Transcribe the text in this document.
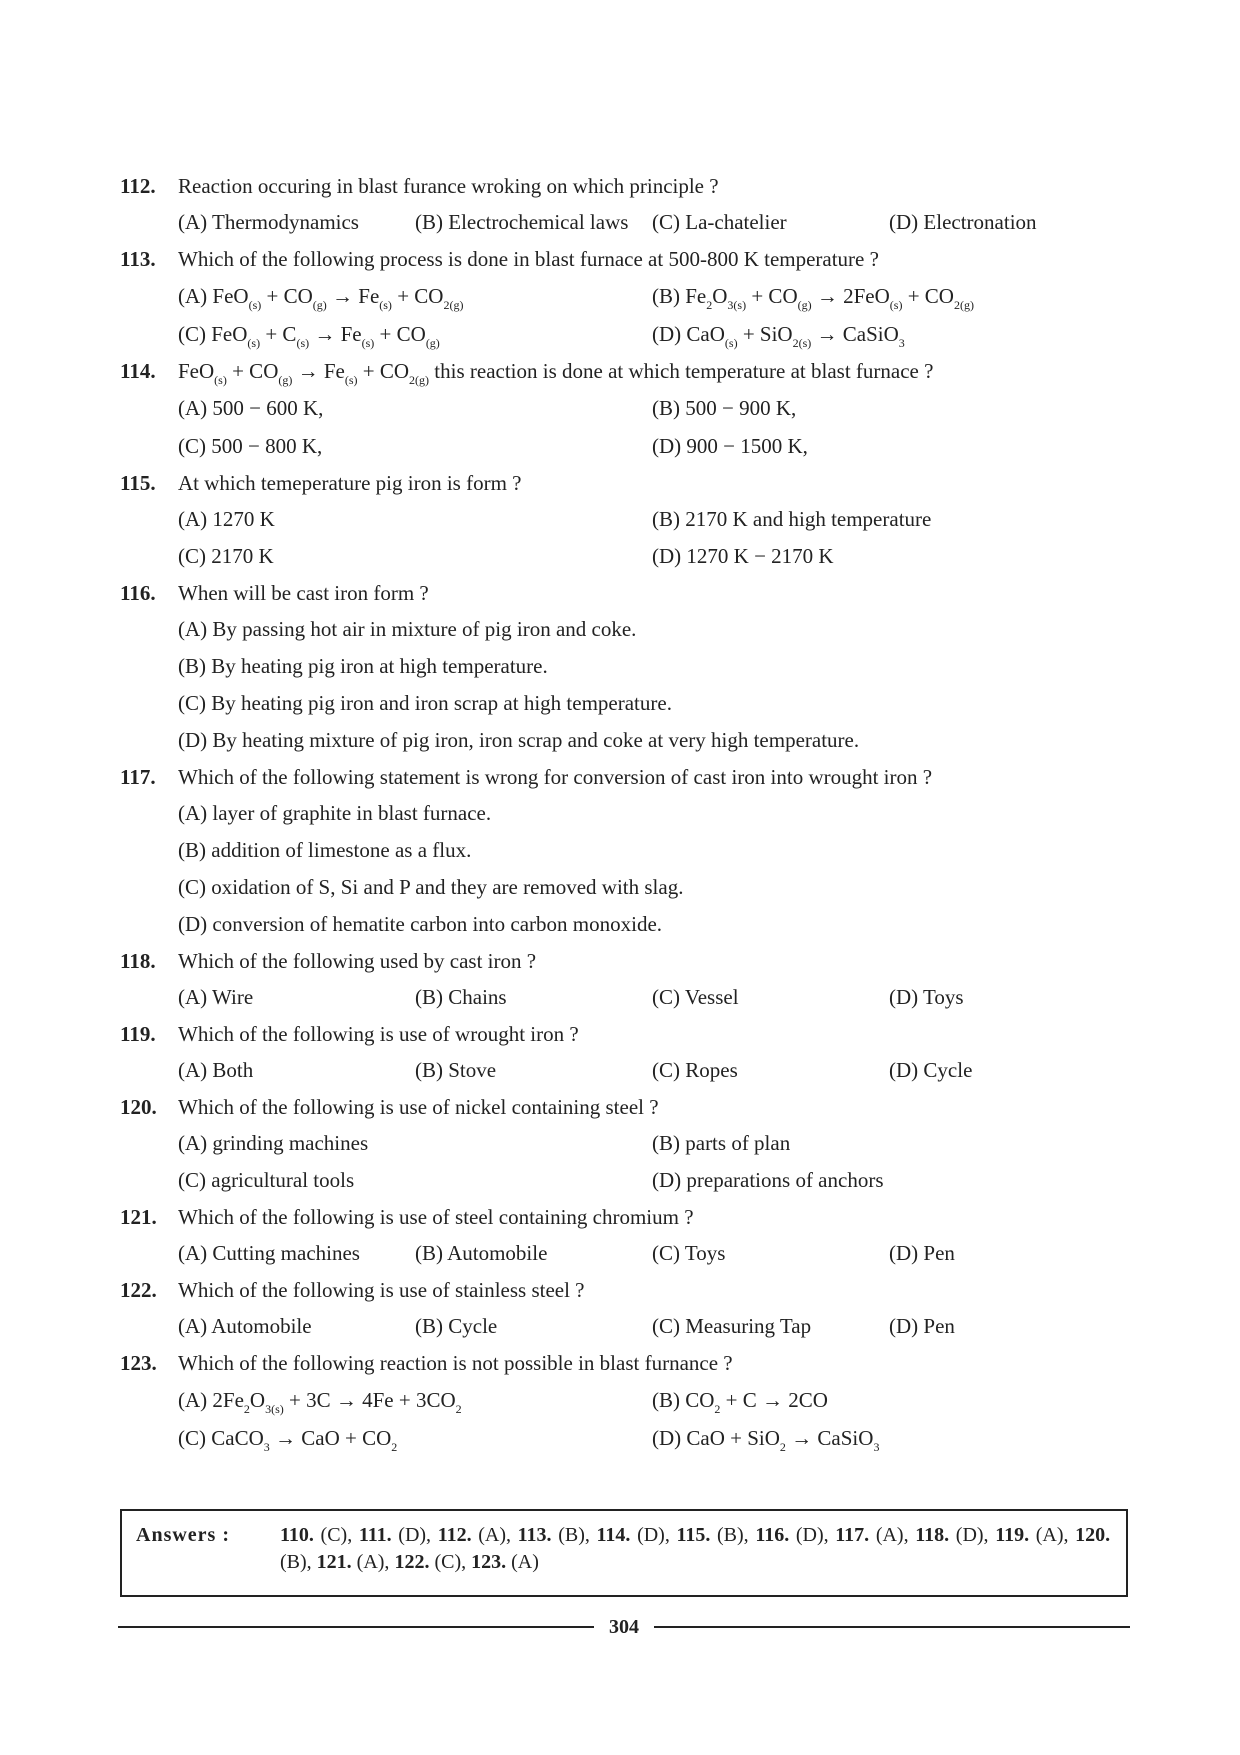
112.	Reaction occuring in blast furance wroking on which principle ?
(A) Thermodynamics	(B) Electrochemical laws	(C) La-chatelier	(D) Electronation
113.	Which of the following process is done in blast furnace at 500-800 K temperature ?
(A) $FeO_{(s)} + CO_{(g)} \to Fe_{(s)} + CO_{2(g)}$	(B) $Fe_2O_{3(s)} + CO_{(g)} \to 2FeO_{(s)} + CO_{2(g)}$
(C) $FeO_{(s)} + C_{(s)} \to Fe_{(s)} + CO_{(g)}$	(D) CaO$_{(s)}$ + SiO$_{2(s)}$ → CaSiO$_3$
114.	$FeO_{(s)} + CO_{(g)} \to Fe_{(s)} + CO_{2(g)}$ this reaction is done at which temperature at blast furnace ?
(A) 500 − 600 K,	(B) 500 − 900 K,
(C) 500 − 800 K,	(D) 900 − 1500 K,
115.	At which temeperature pig iron is form ?
(A) 1270 K	(B) 2170 K and high temperature
(C) 2170 K	(D) 1270 K − 2170 K
116.	When will be cast iron form ?
(A) By passing hot air in mixture of pig iron and coke.
(B) By heating pig iron at high temperature.
(C) By heating pig iron and iron scrap at high temperature.
(D) By heating mixture of pig iron, iron scrap and coke at very high temperature.
117.	Which of the following statement is wrong for conversion of cast iron into wrought iron ?
(A) layer of graphite in blast furnace.
(B) addition of limestone as a flux.
(C) oxidation of S, Si and P and they are removed with slag.
(D) conversion of hematite carbon into carbon monoxide.
118.	Which of the following used by cast iron ?
(A) Wire	(B) Chains	(C) Vessel	(D) Toys
119.	Which of the following is use of wrought iron ?
(A) Both	(B) Stove	(C) Ropes	(D) Cycle
120.	Which of the following is use of nickel containing steel ?
(A) grinding machines	(B) parts of plan
(C) agricultural tools	(D) preparations of anchors
121.	Which of the following is use of steel containing chromium ?
(A) Cutting machines	(B) Automobile	(C) Toys	(D) Pen
122.	Which of the following is use of stainless steel ?
(A) Automobile	(B) Cycle	(C) Measuring Tap	(D) Pen
123.	Which of the following reaction is not possible in blast furnance ?
(A) $2Fe_2O_{3(s)} + 3C \to 4Fe + 3CO_2$	(B) $CO_2 + C \to 2CO$
(C) CaCO$_3$ → CaO + $CO_2$	(D) CaO + SiO$_2$ → CaSiO$_3$
Answers :	110. (C), 111. (D), 112. (A), 113. (B), 114. (D), 115. (B), 116. (D), 117. (A), 118. (D), 119. (A), 120. (B), 121. (A), 122. (C), 123. (A)
304
